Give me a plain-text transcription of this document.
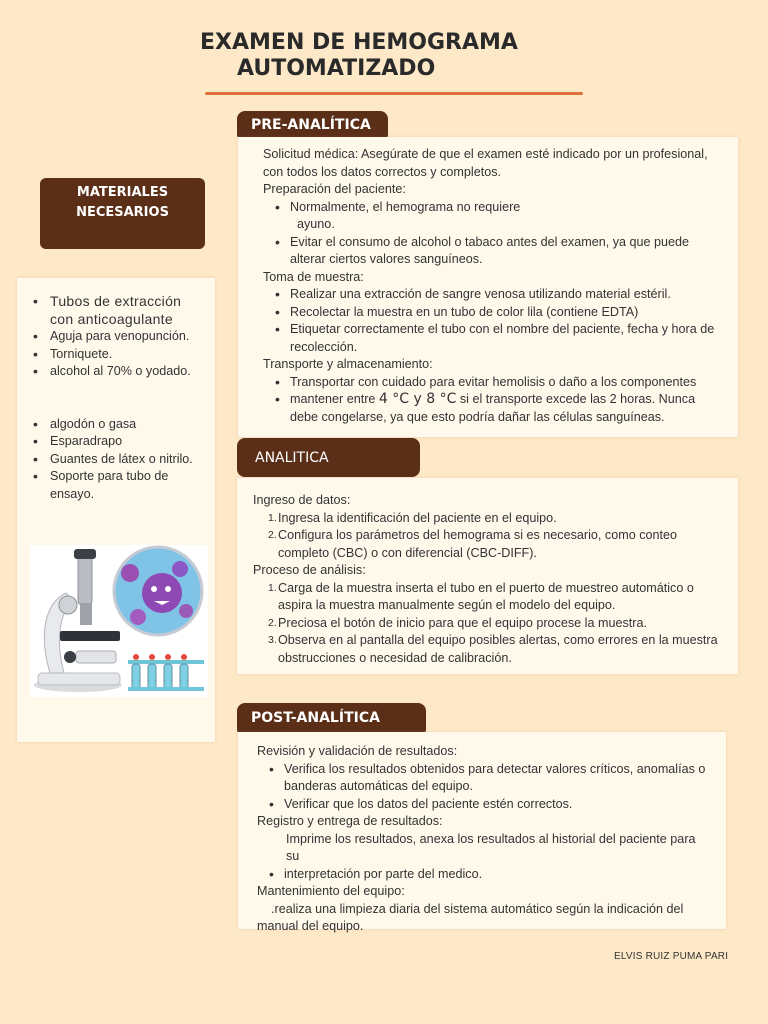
EXAMEN DE HEMOGRAMA
AUTOMATIZADO
MATERIALES
NECESARIOS
• Tubos de extracción con anticoagulante
• Aguja para venopunción.
• Torniquete.
• alcohol al 70% o yodado.
• algodón o gasa
• Esparadrapo
• Guantes de látex o nitrilo.
• Soporte para tubo de ensayo.
PRE-ANALÍTICA

Solicitud médica: Asegúrate de que el examen esté indicado por un profesional, con todos los datos correctos y completos.

Preparación del paciente:

• Normalmente, el hemograma no requiere

ayuno.

• Evitar el consumo de alcohol o tabaco antes del examen, ya que puede alterar ciertos valores sanguíneos.

Toma de muestra:

• Realizar una extracción de sangre venosa utilizando material estéril.
• Recolectar la muestra en un tubo de color lila (contiene EDTA)
• Etiquetar correctamente el tubo con el nombre del paciente, fecha y hora de recolección.

Transporte y almacenamiento:

• Transportar con cuidado para evitar hemolisis o daño a los componentes
• mantener entre 4 °C y 8 °C si el transporte excede las 2 horas. Nunca debe congelarse, ya que esto podría dañar las células sanguíneas.
ANALITICA

Ingreso de datos:

1. Ingresa la identificación del paciente en el equipo.
2. Configura los parámetros del hemograma si es necesario, como conteo completo (CBC) o con diferencial (CBC-DIFF).

Proceso de análisis:

1. Carga de la muestra inserta el tubo en el puerto de muestreo automático o aspira la muestra manualmente según el modelo del equipo.
2. Preciosa el botón de inicio para que el equipo procese la muestra.
3. Observa en al pantalla del equipo posibles alertas, como errores en la muestra obstrucciones o necesidad de calibración.
POST-ANALÍTICA

Revisión y validación de resultados:

• Verifica los resultados obtenidos para detectar valores críticos, anomalías o banderas automáticas del equipo.
• Verificar que los datos del paciente estén correctos.

Registro y entrega de resultados:

Imprime los resultados, anexa los resultados al historial del paciente para su

• interpretación por parte del medico.

Mantenimiento del equipo:

.realiza una limpieza diaria del sistema automático según la indicación del manual del equipo.

ELVIS RUIZ PUMA PARI
